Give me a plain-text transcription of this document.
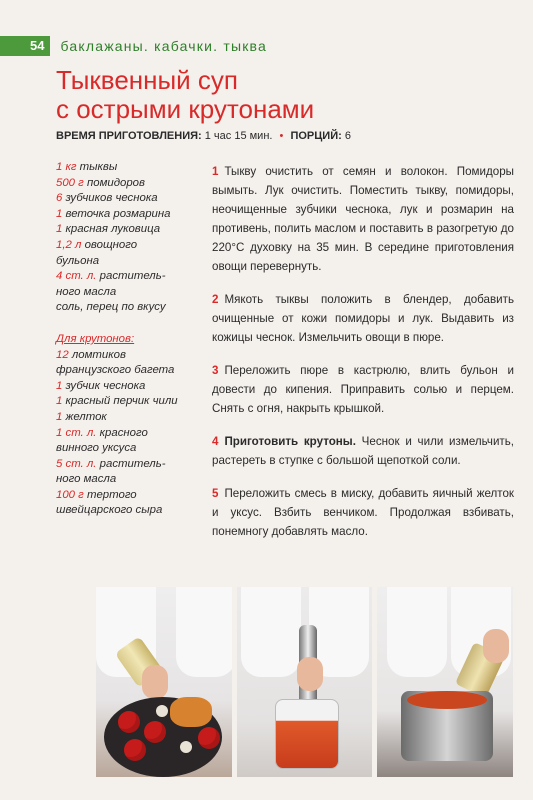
54	баклажаны. кабачки. тыква
Тыквенный суп
с острыми крутонами
ВРЕМЯ ПРИГОТОВЛЕНИЯ: 1 час 15 мин. • ПОРЦИЙ: 6
1 кг тыквы
500 г помидоров
6 зубчиков чеснока
1 веточка розмарина
1 красная луковица
1,2 л овощного
бульона
4 ст. л. раститель-
ного масла
соль, перец по вкусу
Для крутонов:
12 ломтиков
французского багета
1 зубчик чеснока
1 красный перчик чили
1 желток
1 ст. л. красного
винного уксуса
5 ст. л. раститель-
ного масла
100 г тертого
швейцарского сыра

1 Тыкву очистить от семян и волокон. Помидоры вымыть. Лук очистить. Поместить тыкву, помидоры, неочищенные зубчики чеснока, лук и розмарин на противень, полить маслом и поставить в разогретую до 220°С духовку на 35 мин. В середине приготовления овощи перевернуть.

2 Мякоть тыквы положить в блендер, добавить очищенные от кожи помидоры и лук. Выдавить из кожицы чеснок. Измельчить овощи в пюре.

3 Переложить пюре в кастрюлю, влить бульон и довести до кипения. Приправить солью и перцем. Снять с огня, накрыть крышкой.

4 Приготовить крутоны. Чеснок и чили измельчить, растереть в ступке с большой щепоткой соли.

5 Переложить смесь в миску, добавить яичный желток и уксус. Взбить венчиком. Продолжая взбивать, понемногу добавлять масло.
